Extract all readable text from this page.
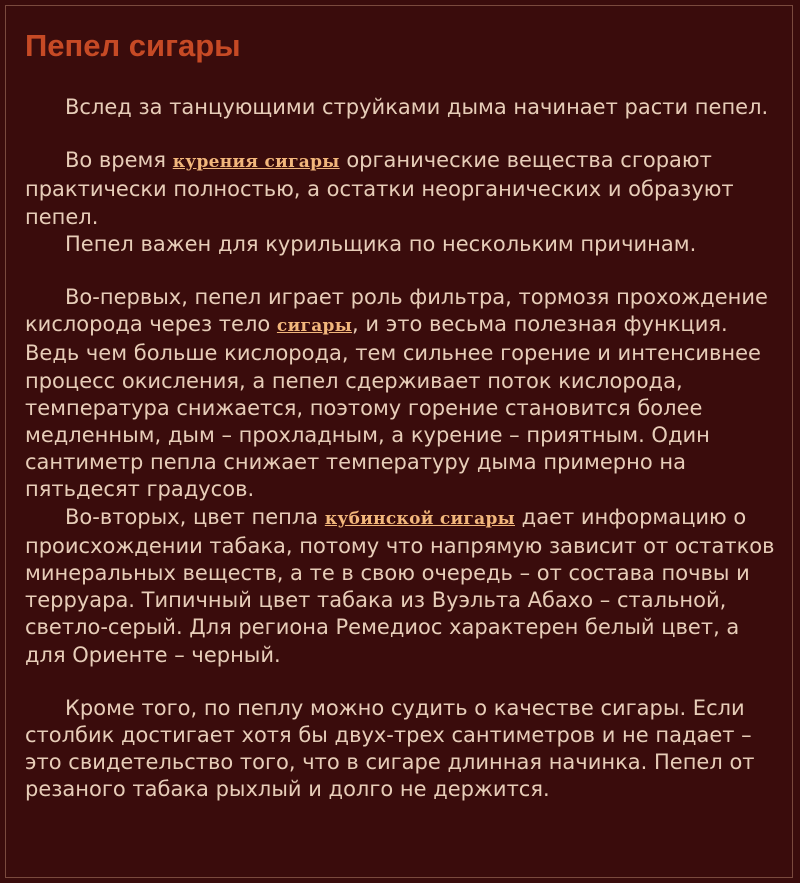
Пепел сигары

Вслед за танцующими струйками дыма начинает расти пепел.

Во время курения сигары органические вещества сгорают практически полностью, а остатки неорганических и образуют пепел.

Пепел важен для курильщика по нескольким причинам.

Во-первых, пепел играет роль фильтра, тормозя прохождение кислорода через тело сигары, и это весьма полезная функция. Ведь чем больше кислорода, тем сильнее горение и интенсивнее процесс окисления, а пепел сдерживает поток кислорода, температура снижается, поэтому горение становится более медленным, дым – прохладным, а курение – приятным. Один сантиметр пепла снижает температуру дыма примерно на пятьдесят градусов.

Во-вторых, цвет пепла кубинской сигары дает информацию о происхождении табака, потому что напрямую зависит от остатков минеральных веществ, а те в свою очередь – от состава почвы и терруара. Типичный цвет табака из Вуэльта Абахо – стальной, светло-серый. Для региона Ремедиос характерен белый цвет, а для Ориенте – черный.

Кроме того, по пеплу можно судить о качестве сигары. Если столбик достигает хотя бы двух-трех сантиметров и не падает – это свидетельство того, что в сигаре длинная начинка. Пепел от резаного табака рыхлый и долго не держится.
